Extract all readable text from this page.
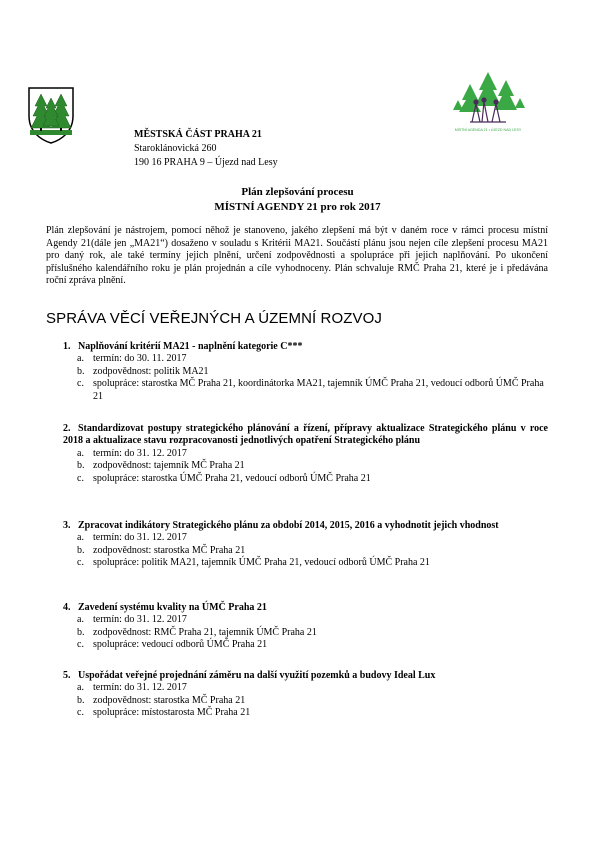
MÍSTNÍ AGENDA 21 • ÚJEZD NAD LESY
MĚSTSKÁ ČÁST PRAHA 21
Staroklánovická 260
190 16 PRAHA 9 – Újezd nad Lesy
Plán zlepšování procesu
MÍSTNÍ AGENDY 21 pro rok 2017
Plán zlepšování je nástrojem, pomocí něhož je stanoveno, jakého zlepšení má být v daném roce v rámci procesu místní Agendy 21(dále jen „MA21“) dosaženo v souladu s Kritérii MA21. Součástí plánu jsou nejen cíle zlepšení procesu MA21 pro daný rok, ale také termíny jejich plnění, určení zodpovědnosti a spolupráce při jejich naplňování. Po ukončení příslušného kalendářního roku je plán projednán a cíle vyhodnoceny. Plán schvaluje RMČ Praha 21, které je i předávána roční zpráva plnění.
SPRÁVA VĚCÍ VEŘEJNÝCH A ÚZEMNÍ ROZVOJ
1. Naplňování kritérií MA21 - naplnění kategorie C***
a. termín: do 30. 11. 2017
b. zodpovědnost: politik MA21
c. spolupráce: starostka MČ Praha 21, koordinátorka MA21, tajemník ÚMČ Praha 21, vedoucí odborů ÚMČ Praha 21
2. Standardizovat postupy strategického plánování a řízení, přípravy aktualizace Strategického plánu v roce 2018 a aktualizace stavu rozpracovanosti jednotlivých opatření Strategického plánu
a. termín: do 31. 12. 2017
b. zodpovědnost: tajemník MČ Praha 21
c. spolupráce: starostka ÚMČ Praha 21, vedoucí odborů ÚMČ Praha 21
3. Zpracovat indikátory Strategického plánu za období 2014, 2015, 2016 a vyhodnotit jejich vhodnost
a. termín: do 31. 12. 2017
b. zodpovědnost: starostka MČ Praha 21
c. spolupráce: politik MA21, tajemník ÚMČ Praha 21, vedoucí odborů ÚMČ Praha 21
4. Zavedení systému kvality na ÚMČ Praha 21
a. termín: do 31. 12. 2017
b. zodpovědnost: RMČ Praha 21, tajemník ÚMČ Praha 21
c. spolupráce: vedoucí odborů ÚMČ Praha 21
5. Uspořádat veřejné projednání záměru na další využití pozemků a budovy Ideal Lux
a. termín: do 31. 12. 2017
b. zodpovědnost: starostka MČ Praha 21
c. spolupráce: místostarosta MČ Praha 21
